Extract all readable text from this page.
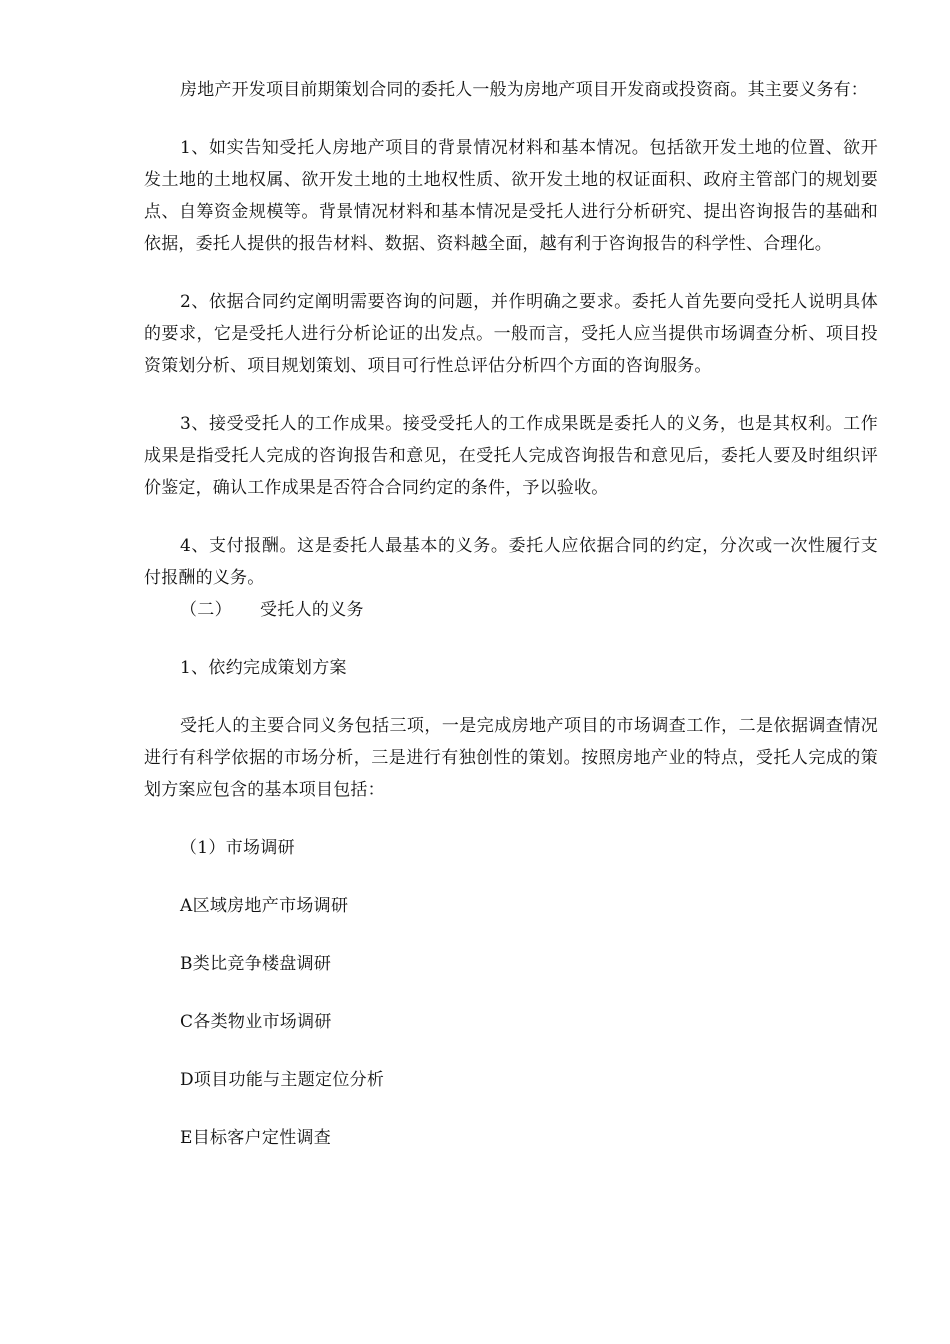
房地产开发项目前期策划合同的委托人一般为房地产项目开发商或投资商。其主要义务有：

1、如实告知受托人房地产项目的背景情况材料和基本情况。包括欲开发土地的位置、欲开发土地的土地权属、欲开发土地的土地权性质、欲开发土地的权证面积、政府主管部门的规划要点、自筹资金规模等。背景情况材料和基本情况是受托人进行分析研究、提出咨询报告的基础和依据，委托人提供的报告材料、数据、资料越全面，越有利于咨询报告的科学性、合理化。

2、依据合同约定阐明需要咨询的问题，并作明确之要求。委托人首先要向受托人说明具体的要求，它是受托人进行分析论证的出发点。一般而言，受托人应当提供市场调查分析、项目投资策划分析、项目规划策划、项目可行性总评估分析四个方面的咨询服务。

3、接受受托人的工作成果。接受受托人的工作成果既是委托人的义务，也是其权利。工作成果是指受托人完成的咨询报告和意见，在受托人完成咨询报告和意见后，委托人要及时组织评价鉴定，确认工作成果是否符合合同约定的条件，予以验收。

4、支付报酬。这是委托人最基本的义务。委托人应依据合同的约定，分次或一次性履行支付报酬的义务。

（二） 受托人的义务

1、依约完成策划方案

受托人的主要合同义务包括三项，一是完成房地产项目的市场调查工作，二是依据调查情况进行有科学依据的市场分析，三是进行有独创性的策划。按照房地产业的特点，受托人完成的策划方案应包含的基本项目包括：

（1）市场调研

A区域房地产市场调研

B类比竞争楼盘调研

C各类物业市场调研

D项目功能与主题定位分析

E目标客户定性调查
